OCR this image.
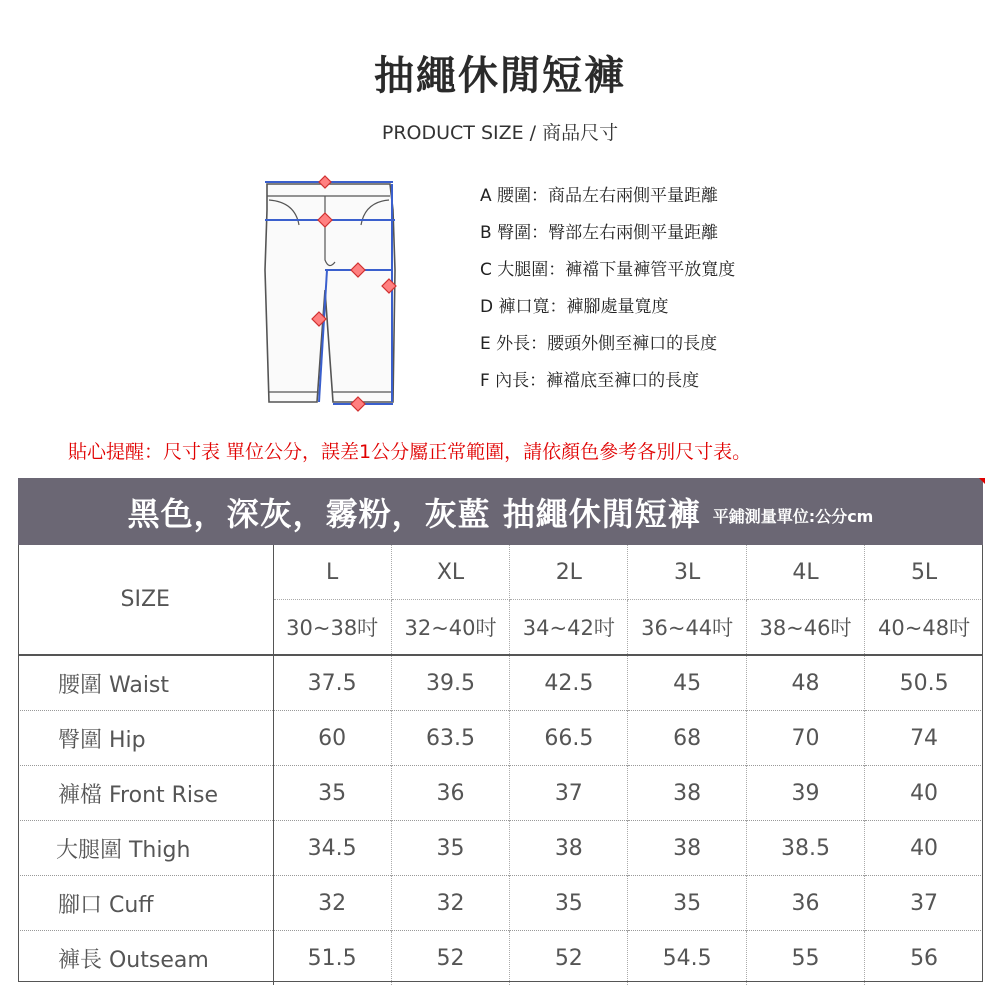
抽繩休閒短褲
PRODUCT SIZE / 商品尺寸
A 腰圍：商品左右兩側平量距離
B 臀圍：臀部左右兩側平量距離
C 大腿圍：褲襠下量褲管平放寬度
D 褲口寬：褲腳處量寬度
E 外長：腰頭外側至褲口的長度
F 內長：褲襠底至褲口的長度
貼心提醒：尺寸表 單位公分，誤差1公分屬正常範圍，請依顏色參考各別尺寸表。
黑色，深灰，霧粉，灰藍 抽繩休閒短褲 平鋪測量單位:公分cm
SIZE	L	XL	2L	3L	4L	5L
	30~38吋	32~40吋	34~42吋	36~44吋	38~46吋	40~48吋
腰圍 Waist	37.5	39.5	42.5	45	48	50.5
臀圍 Hip	60	63.5	66.5	68	70	74
褲檔 Front Rise	35	36	37	38	39	40
大腿圍 Thigh	34.5	35	38	38	38.5	40
腳口 Cuff	32	32	35	35	36	37
褲長 Outseam	51.5	52	52	54.5	55	56
